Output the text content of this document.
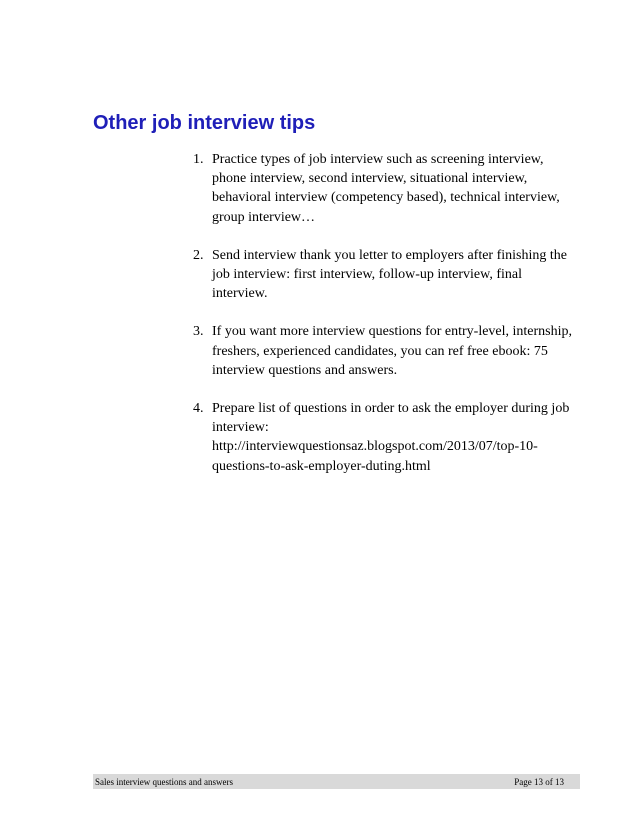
Other job interview tips
1. Practice types of job interview such as screening interview,
phone interview, second interview, situational interview,
behavioral interview (competency based), technical interview,
group interview…
2. Send interview thank you letter to employers after finishing the
job interview: first interview, follow-up interview, final
interview.
3. If you want more interview questions for entry-level, internship,
freshers, experienced candidates, you can ref free ebook: 75
interview questions and answers.
4. Prepare list of questions in order to ask the employer during job
interview:
http://interviewquestionsaz.blogspot.com/2013/07/top-10-
questions-to-ask-employer-duting.html
Sales interview questions and answers	Page 13 of 13
